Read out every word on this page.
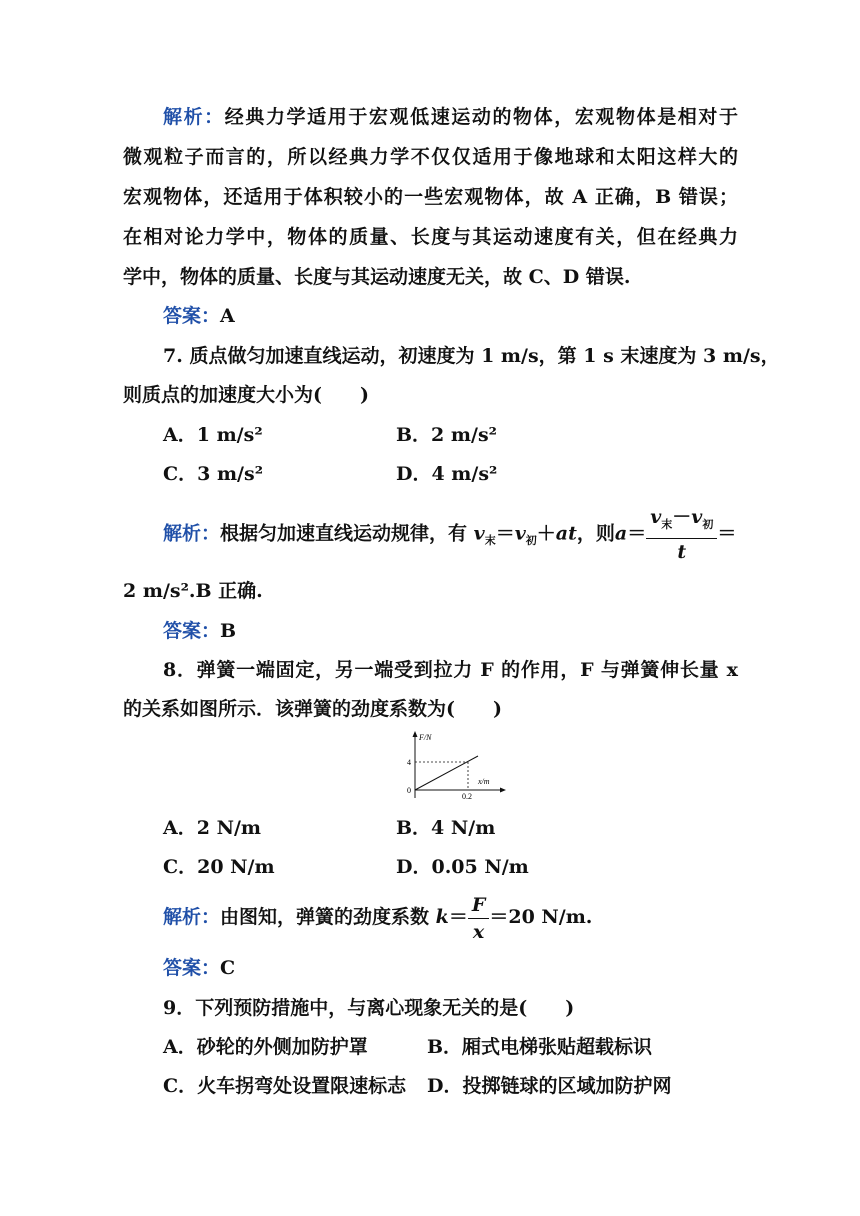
解析：经典力学适用于宏观低速运动的物体，宏观物体是相对于
微观粒子而言的，所以经典力学不仅仅适用于像地球和太阳这样大的
宏观物体，还适用于体积较小的一些宏观物体，故 A 正确，B 错误；
在相对论力学中，物体的质量、长度与其运动速度有关，但在经典力
学中，物体的质量、长度与其运动速度无关，故 C、D 错误.
答案：A
7. 质点做匀加速直线运动，初速度为 1 m/s，第 1 s 末速度为 3 m/s，
则质点的加速度大小为(　　)
A．1 m/s²	B．2 m/s²
C．3 m/s²	D．4 m/s²
解析：根据匀加速直线运动规律，有 $v_末=v_初+at$，则$a= \frac{v_末-v_初}{t}$ ＝
2 m/s².B 正确.
答案：B
8．弹簧一端固定，另一端受到拉力 F 的作用，F 与弹簧伸长量 x
的关系如图所示．该弹簧的劲度系数为(　　)
F/N
x/m
4
0
0.2
A．2 N/m	B．4 N/m
C．20 N/m	D．0.05 N/m
解析：由图知，弹簧的劲度系数 $k= \frac{F}{x} =20$ N/m.
答案：C
9．下列预防措施中，与离心现象无关的是(　　)
A．砂轮的外侧加防护罩	B．厢式电梯张贴超载标识
C．火车拐弯处设置限速标志 D．投掷链球的区域加防护网
